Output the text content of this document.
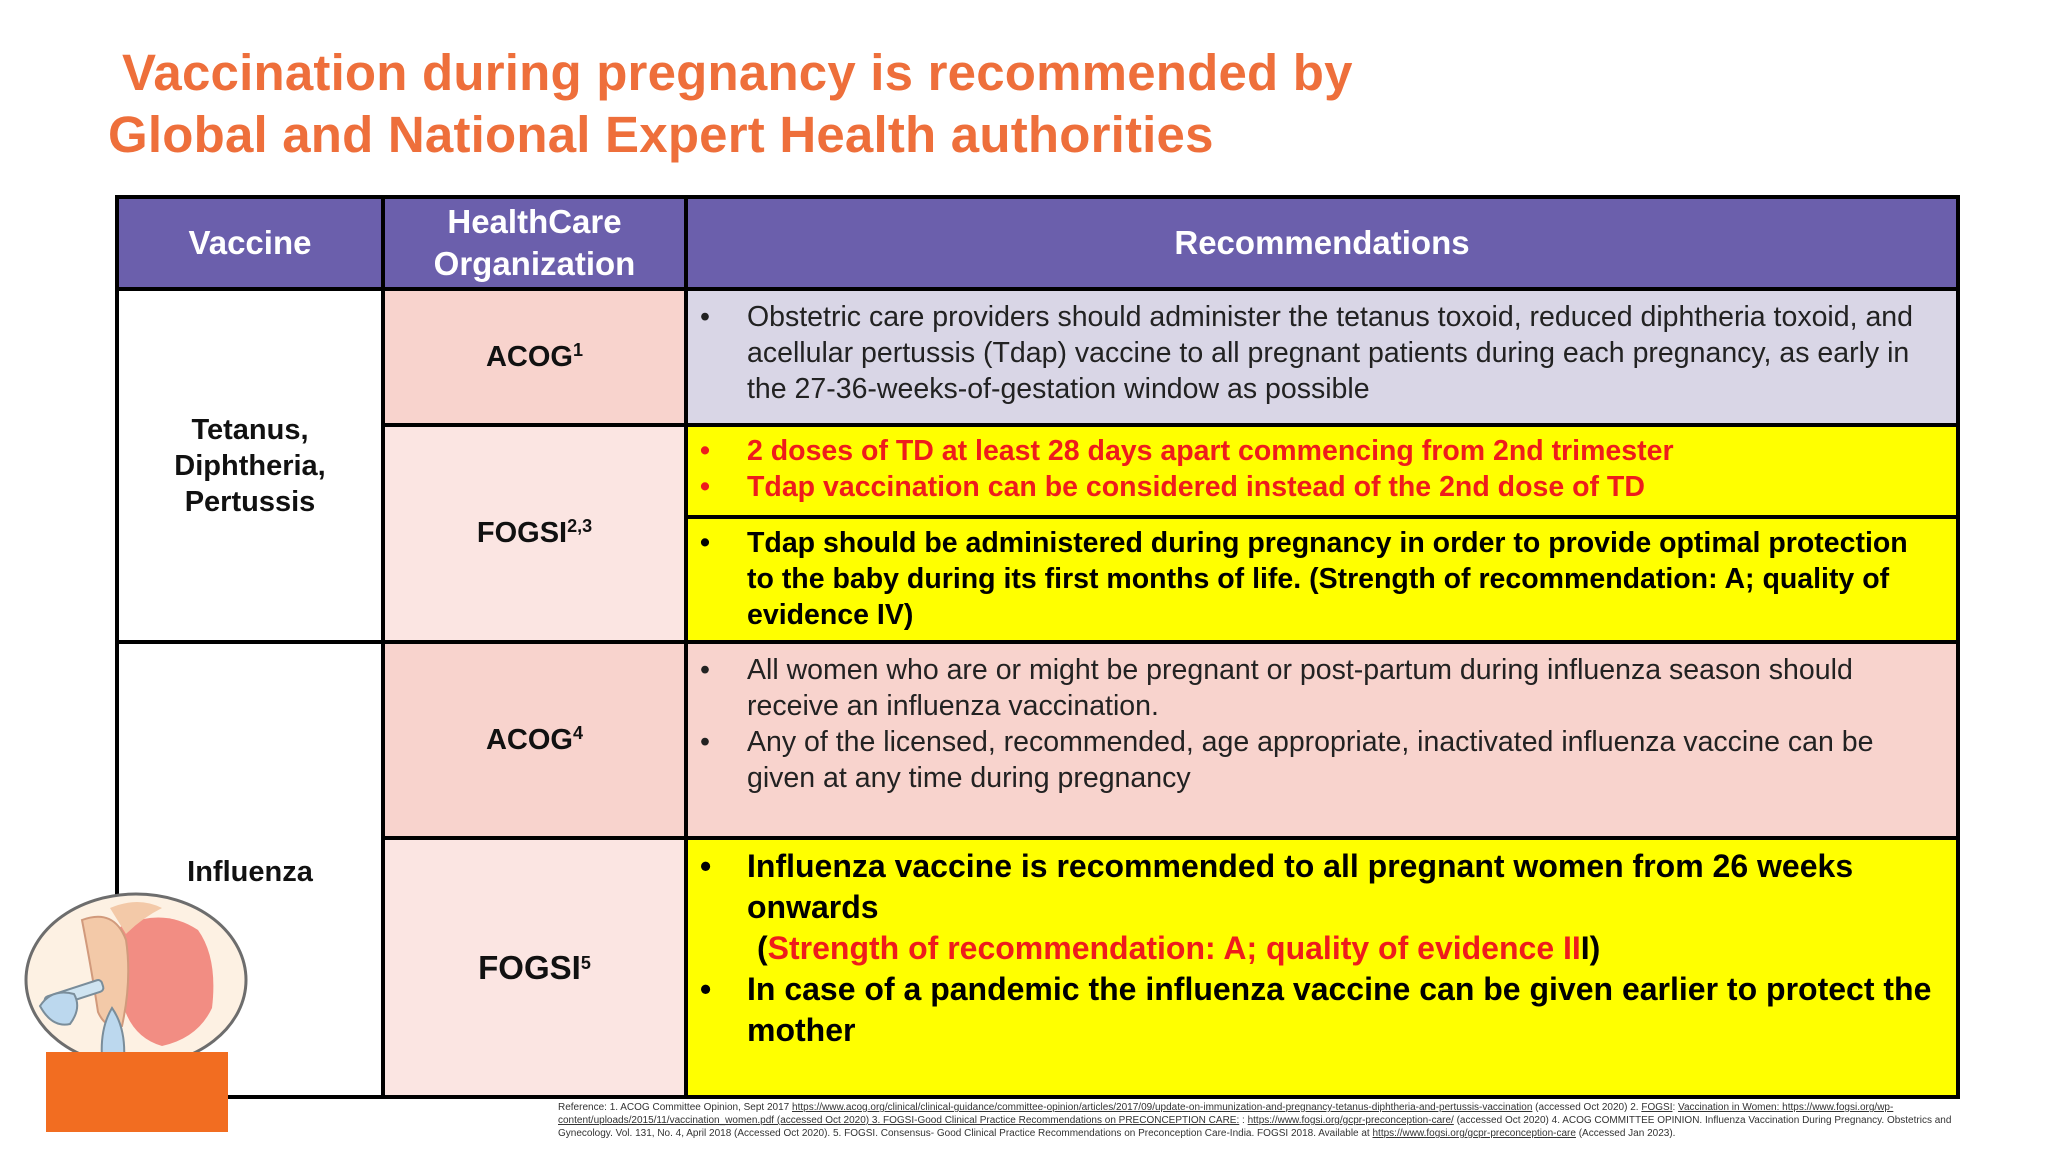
Vaccination during pregnancy is recommended by
Global and National Expert Health authorities
Vaccine
HealthCare Organization
Recommendations
Tetanus, Diphtheria, Pertussis
Influenza
ACOG$^1$
FOGSI$^{2,3}$
ACOG$^4$
FOGSI$^5$
• Obstetric care providers should administer the tetanus toxoid, reduced diphtheria toxoid, and acellular pertussis (Tdap) vaccine to all pregnant patients during each pregnancy, as early in the 27-36-weeks-of-gestation window as possible
• 2 doses of TD at least 28 days apart commencing from 2nd trimester
• Tdap vaccination can be considered instead of the 2nd dose of TD
• Tdap should be administered during pregnancy in order to provide optimal protection to the baby during its first months of life. (Strength of recommendation: A; quality of evidence IV)
• All women who are or might be pregnant or post-partum during influenza season should receive an influenza vaccination.
• Any of the licensed, recommended, age appropriate, inactivated influenza vaccine can be given at any time during pregnancy
• Influenza vaccine is recommended to all pregnant women from 26 weeks onwards
(Strength of recommendation: A; quality of evidence III)
• In case of a pandemic the influenza vaccine can be given earlier to protect the mother
Reference: 1. ACOG Committee Opinion, Sept 2017 https://www.acog.org/clinical/clinical-guidance/committee-opinion/articles/2017/09/update-on-immunization-and-pregnancy-tetanus-diphtheria-and-pertussis-vaccination (accessed Oct 2020) 2. FOGSI: Vaccination in Women: https://www.fogsi.org/wp-content/uploads/2015/11/vaccination_women.pdf (accessed Oct 2020) 3. FOGSI-Good Clinical Practice Recommendations on PRECONCEPTION CARE: : https://www.fogsi.org/gcpr-preconception-care/ (accessed Oct 2020) 4. ACOG COMMITTEE OPINION. Influenza Vaccination During Pregnancy. Obstetrics and Gynecology. Vol. 131, No. 4, April 2018 (Accessed Oct 2020). 5. FOGSI. Consensus- Good Clinical Practice Recommendations on Preconception Care-India. FOGSI 2018. Available at https://www.fogsi.org/gcpr-preconception-care (Accessed Jan 2023).
